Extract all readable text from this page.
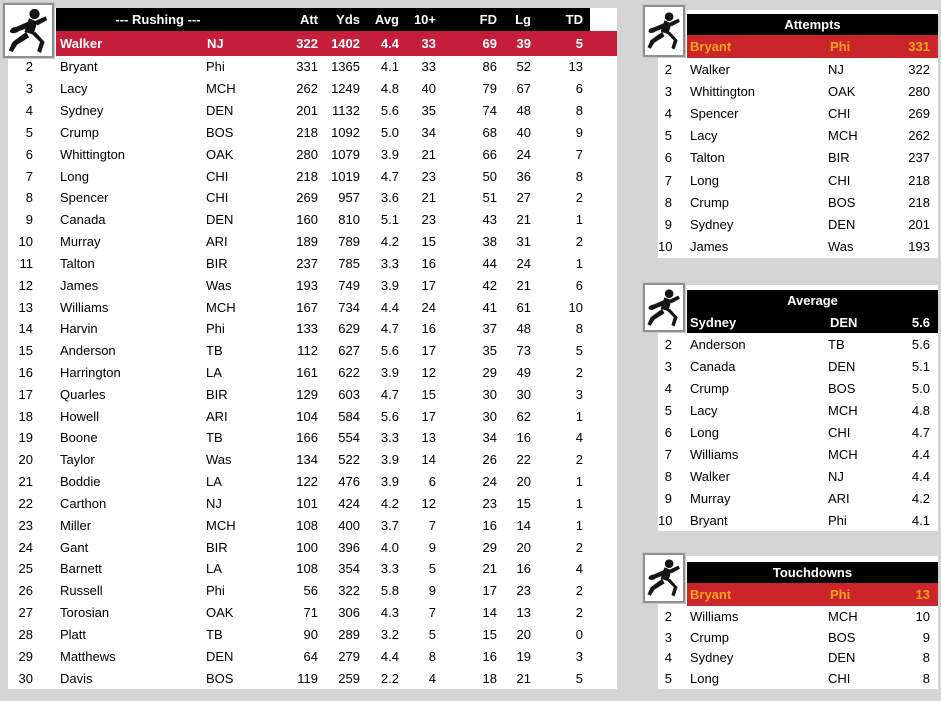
--- Rushing ---	Att	Yds	Avg	10+	FD	Lg	TD
Walker	NJ	322	1402	4.4	33	69	39	5
2 Bryant	Phi	331	1365	4.1	33	86	52	13
3 Lacy	MCH	262	1249	4.8	40	79	67	6
4 Sydney	DEN	201	1132	5.6	35	74	48	8
5 Crump	BOS	218	1092	5.0	34	68	40	9
6 Whittington	OAK	280	1079	3.9	21	66	24	7
7 Long	CHI	218	1019	4.7	23	50	36	8
8 Spencer	CHI	269	957	3.6	21	51	27	2
9 Canada	DEN	160	810	5.1	23	43	21	1
10 Murray	ARI	189	789	4.2	15	38	31	2
11 Talton	BIR	237	785	3.3	16	44	24	1
12 James	Was	193	749	3.9	17	42	21	6
13 Williams	MCH	167	734	4.4	24	41	61	10
14 Harvin	Phi	133	629	4.7	16	37	48	8
15 Anderson	TB	112	627	5.6	17	35	73	5
16 Harrington	LA	161	622	3.9	12	29	49	2
17 Quarles	BIR	129	603	4.7	15	30	30	3
18 Howell	ARI	104	584	5.6	17	30	62	1
19 Boone	TB	166	554	3.3	13	34	16	4
20 Taylor	Was	134	522	3.9	14	26	22	2
21 Boddie	LA	122	476	3.9	6	24	20	1
22 Carthon	NJ	101	424	4.2	12	23	15	1
23 Miller	MCH	108	400	3.7	7	16	14	1
24 Gant	BIR	100	396	4.0	9	29	20	2
25 Barnett	LA	108	354	3.3	5	21	16	4
26 Russell	Phi	56	322	5.8	9	17	23	2
27 Torosian	OAK	71	306	4.3	7	14	13	2
28 Platt	TB	90	289	3.2	5	15	20	0
29 Matthews	DEN	64	279	4.4	8	16	19	3
30 Davis	BOS	119	259	2.2	4	18	21	5
Attempts
Bryant	Phi	331
2 Walker	NJ	322
3 Whittington	OAK	280
4 Spencer	CHI	269
5 Lacy	MCH	262
6 Talton	BIR	237
7 Long	CHI	218
8 Crump	BOS	218
9 Sydney	DEN	201
10 James	Was	193
Average
Sydney	DEN	5.6
2 Anderson	TB	5.6
3 Canada	DEN	5.1
4 Crump	BOS	5.0
5 Lacy	MCH	4.8
6 Long	CHI	4.7
7 Williams	MCH	4.4
8 Walker	NJ	4.4
9 Murray	ARI	4.2
10 Bryant	Phi	4.1
Touchdowns
Bryant	Phi	13
2 Williams	MCH	10
3 Crump	BOS	9
4 Sydney	DEN	8
5 Long	CHI	8
